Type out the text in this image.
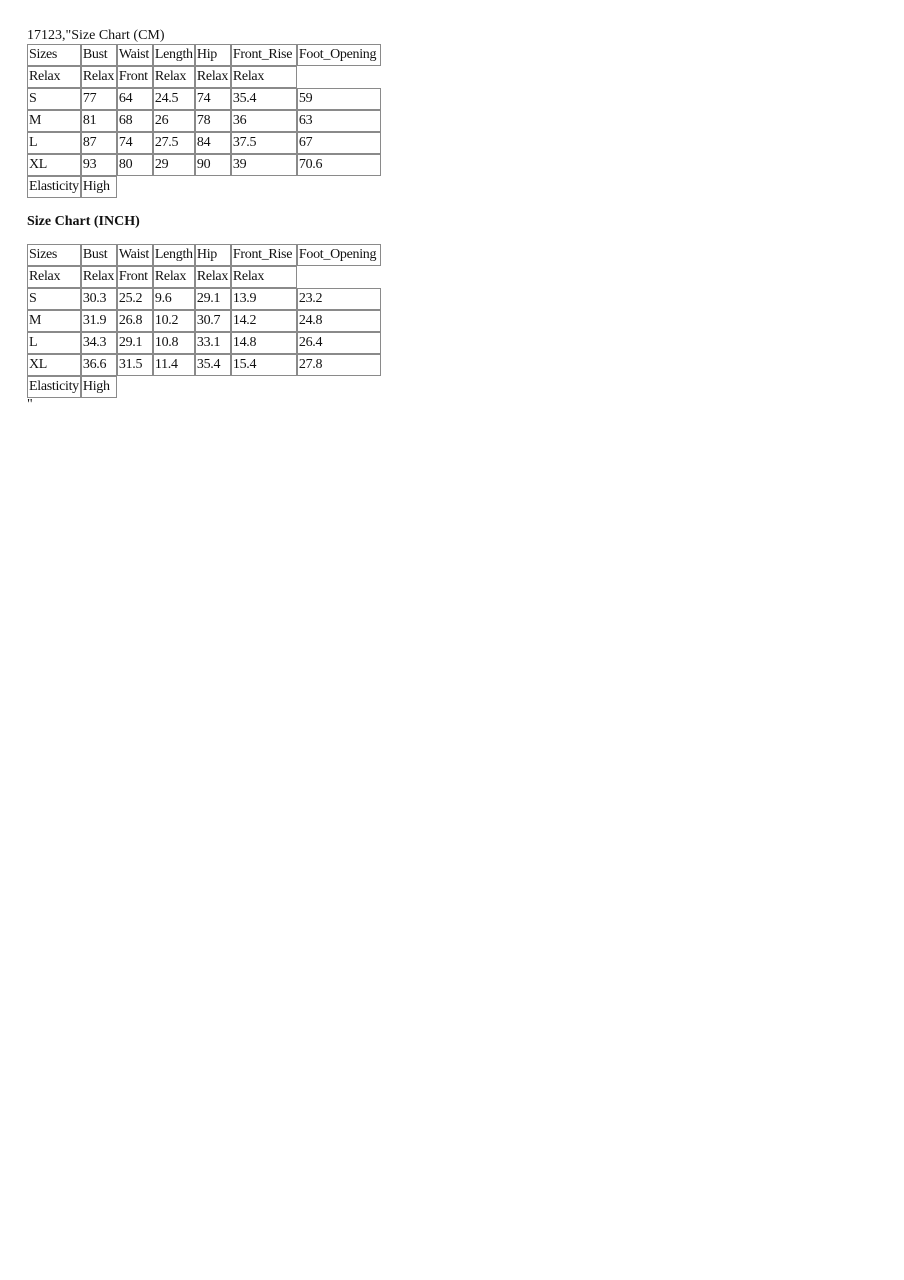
17123,"Size Chart (CM)
Sizes	Bust	Waist	Length	Hip	Front_Rise	Foot_Opening
Relax	Relax	Front	Relax	Relax	Relax	
S	77	64	24.5	74	35.4	59
M	81	68	26	78	36	63
L	87	74	27.5	84	37.5	67
XL	93	80	29	90	39	70.6
Elasticity	High					
Size Chart (INCH)
Sizes	Bust	Waist	Length	Hip	Front_Rise	Foot_Opening
Relax	Relax	Front	Relax	Relax	Relax	
S	30.3	25.2	9.6	29.1	13.9	23.2
M	31.9	26.8	10.2	30.7	14.2	24.8
L	34.3	29.1	10.8	33.1	14.8	26.4
XL	36.6	31.5	11.4	35.4	15.4	27.8
Elasticity	High					
"
